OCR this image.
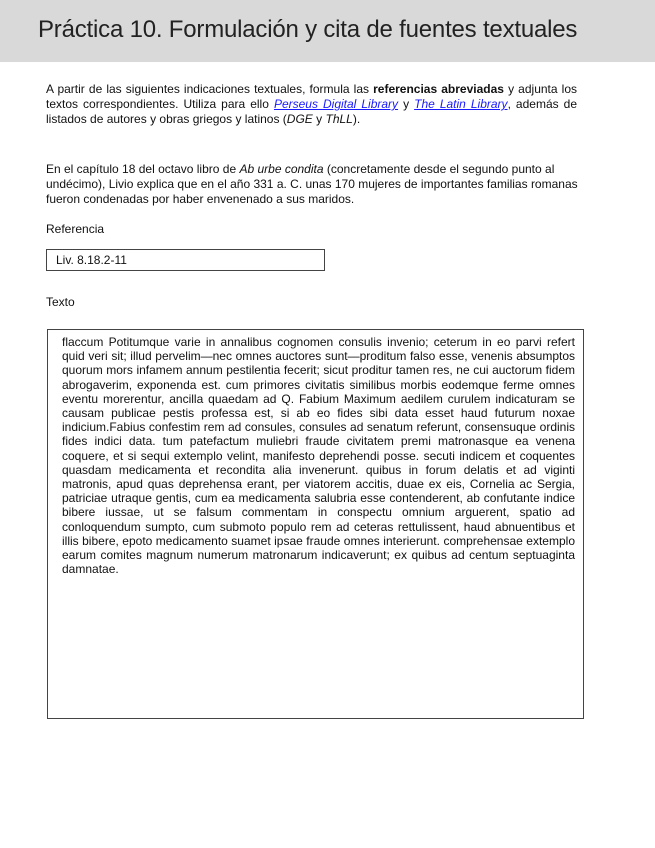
Práctica 10. Formulación y cita de fuentes textuales

A partir de las siguientes indicaciones textuales, formula las referencias abreviadas y adjunta los textos correspondientes. Utiliza para ello Perseus Digital Library y The Latin Library, además de listados de autores y obras griegos y latinos (DGE y ThLL).

En el capítulo 18 del octavo libro de Ab urbe condita (concretamente desde el segundo punto al undécimo), Livio explica que en el año 331 a. C. unas 170 mujeres de importantes familias romanas fueron condenadas por haber envenenado a sus maridos.

Referencia

Liv. 8.18.2-11

Texto

flaccum Potitumque varie in annalibus cognomen consulis invenio; ceterum in eo parvi refert quid veri sit; illud pervelim—nec omnes auctores sunt—proditum falso esse, venenis absumptos quorum mors infamem annum pestilentia fecerit; sicut proditur tamen res, ne cui auctorum fidem abrogaverim, exponenda est. cum primores civitatis similibus morbis eodemque ferme omnes eventu morerentur, ancilla quaedam ad Q. Fabium Maximum aedilem curulem indicaturam se causam publicae pestis professa est, si ab eo fides sibi data esset haud futurum noxae indicium.Fabius confestim rem ad consules, consules ad senatum referunt, consensuque ordinis fides indici data. tum patefactum muliebri fraude civitatem premi matronasque ea venena coquere, et si sequi extemplo velint, manifesto deprehendi posse. secuti indicem et coquentes quasdam medicamenta et recondita alia invenerunt. quibus in forum delatis et ad viginti matronis, apud quas deprehensa erant, per viatorem accitis, duae ex eis, Cornelia ac Sergia, patriciae utraque gentis, cum ea medicamenta salubria esse contenderent, ab confutante indice bibere iussae, ut se falsum commentam in conspectu omnium arguerent, spatio ad conloquendum sumpto, cum submoto populo rem ad ceteras rettulissent, haud abnuentibus et illis bibere, epoto medicamento suamet ipsae fraude omnes interierunt. comprehensae extemplo earum comites magnum numerum matronarum indicaverunt; ex quibus ad centum septuaginta damnatae.
